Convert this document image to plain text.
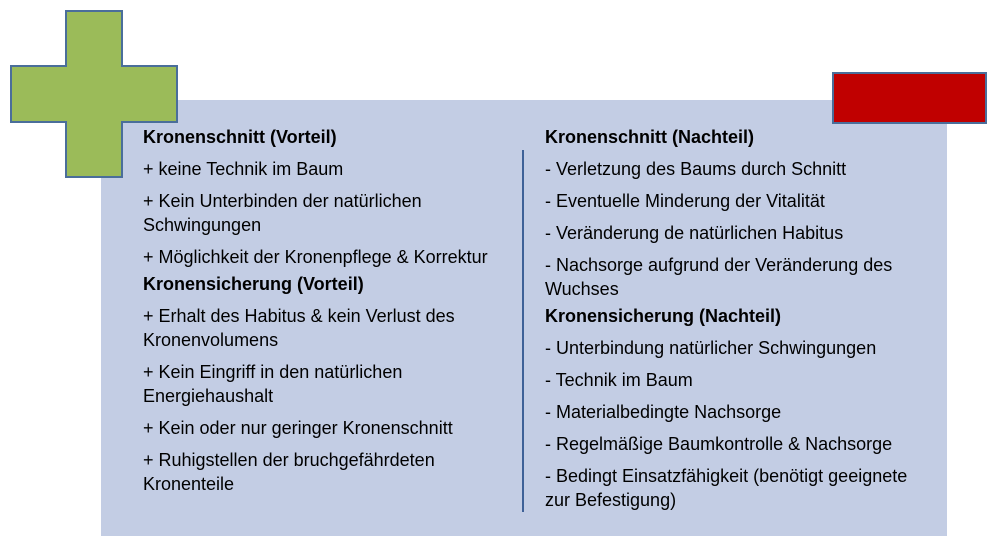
Kronenschnitt (Vorteil)
+ keine Technik im Baum
+ Kein Unterbinden der natürlichen Schwingungen
+ Möglichkeit der Kronenpflege & Korrektur
Kronensicherung (Vorteil)
+ Erhalt des Habitus & kein Verlust des Kronenvolumens
+ Kein Eingriff in den natürlichen Energiehaushalt
+ Kein oder nur geringer Kronenschnitt
+ Ruhigstellen der bruchgefährdeten Kronenteile
Kronenschnitt (Nachteil)
- Verletzung des Baums durch Schnitt
- Eventuelle Minderung der Vitalität
- Veränderung de natürlichen Habitus
- Nachsorge aufgrund der Veränderung des Wuchses
Kronensicherung (Nachteil)
- Unterbindung natürlicher Schwingungen
- Technik im Baum
- Materialbedingte Nachsorge
- Regelmäßige Baumkontrolle & Nachsorge
- Bedingt Einsatzfähigkeit (benötigt geeignete zur Befestigung)
